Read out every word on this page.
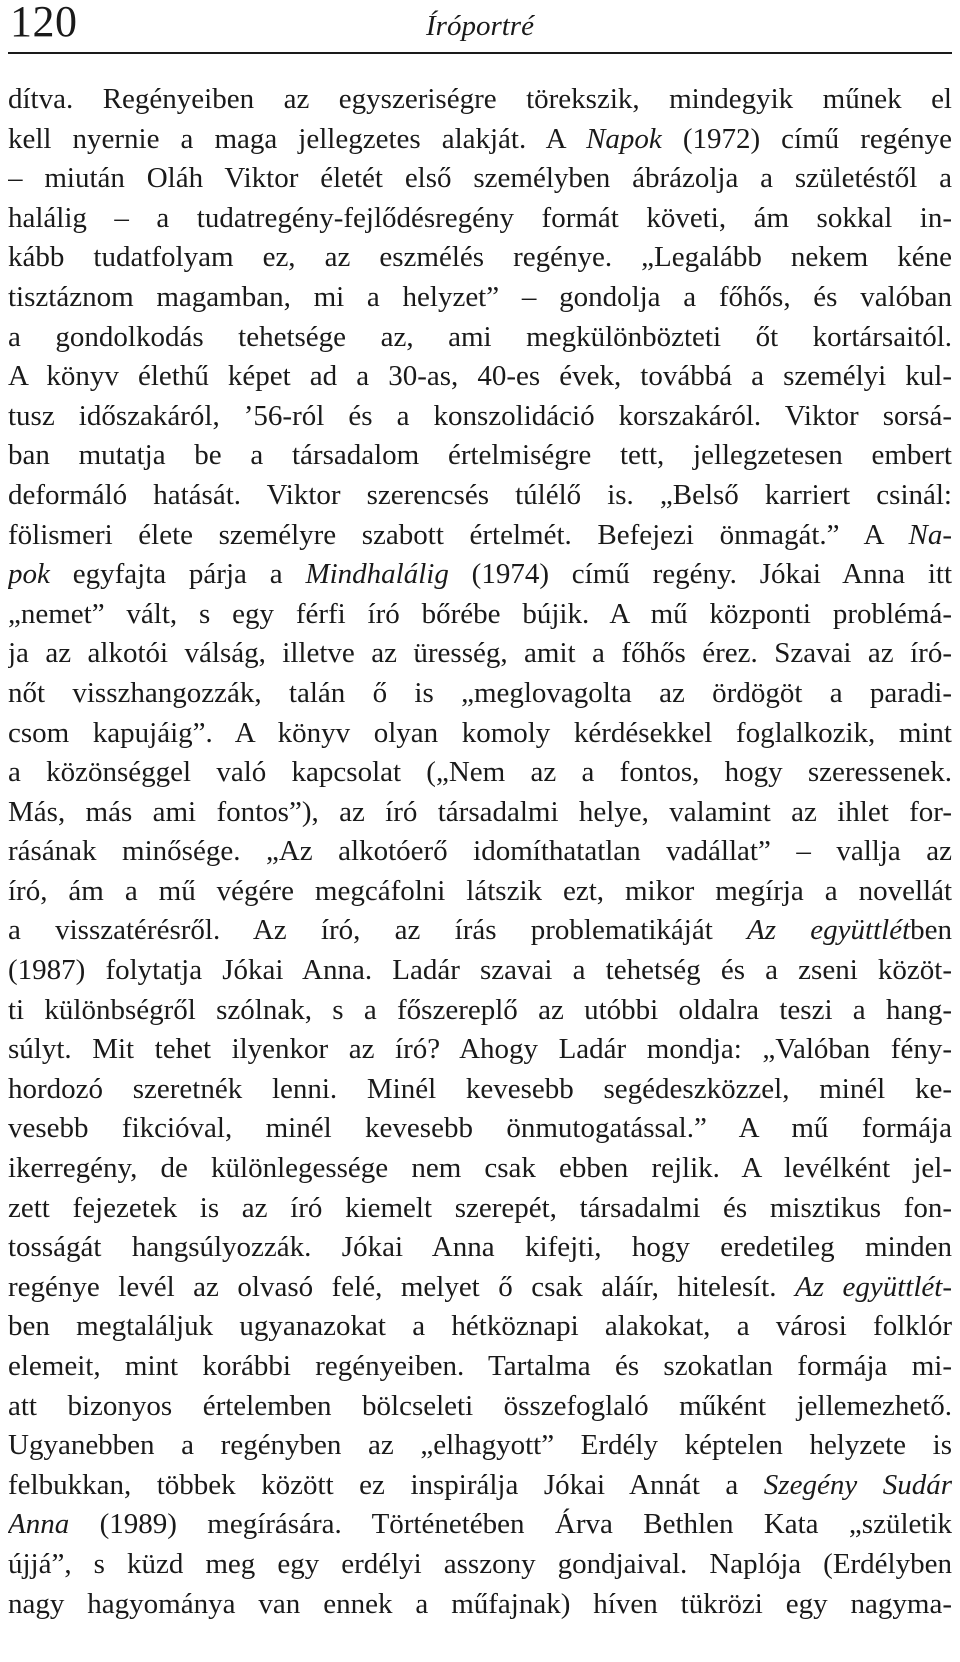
120	Íróportré
dítva. Regényeiben az egyszeriségre törekszik, mindegyik műnek el
kell nyernie a maga jellegzetes alakját. A Napok (1972) című regénye
– miután Oláh Viktor életét első személyben ábrázolja a születéstől a
halálig – a tudatregény-fejlődésregény formát követi, ám sokkal in-
kább tudatfolyam ez, az eszmélés regénye. „Legalább nekem kéne
tisztáznom magamban, mi a helyzet” – gondolja a főhős, és valóban
a gondolkodás tehetsége az, ami megkülönbözteti őt kortársaitól.
A könyv élethű képet ad a 30-as, 40-es évek, továbbá a személyi kul-
tusz időszakáról, ’56-ról és a konszolidáció korszakáról. Viktor sorsá-
ban mutatja be a társadalom értelmiségre tett, jellegzetesen embert
deformáló hatását. Viktor szerencsés túlélő is. „Belső karriert csinál:
fölismeri élete személyre szabott értelmét. Befejezi önmagát.” A Na-
pok egyfajta párja a Mindhalálig (1974) című regény. Jókai Anna itt
„nemet” vált, s egy férfi író bőrébe bújik. A mű központi problémá-
ja az alkotói válság, illetve az üresség, amit a főhős érez. Szavai az író-
nőt visszhangozzák, talán ő is „meglovagolta az ördögöt a paradi-
csom kapujáig”. A könyv olyan komoly kérdésekkel foglalkozik, mint
a közönséggel való kapcsolat („Nem az a fontos, hogy szeressenek.
Más, más ami fontos”), az író társadalmi helye, valamint az ihlet for-
rásának minősége. „Az alkotóerő idomíthatatlan vadállat” – vallja az
író, ám a mű végére megcáfolni látszik ezt, mikor megírja a novellát
a visszatérésről. Az író, az írás problematikáját Az együttlétben
(1987) folytatja Jókai Anna. Ladár szavai a tehetség és a zseni közöt-
ti különbségről szólnak, s a főszereplő az utóbbi oldalra teszi a hang-
súlyt. Mit tehet ilyenkor az író? Ahogy Ladár mondja: „Valóban fény-
hordozó szeretnék lenni. Minél kevesebb segédeszközzel, minél ke-
vesebb fikcióval, minél kevesebb önmutogatással.” A mű formája
ikerregény, de különlegessége nem csak ebben rejlik. A levélként jel-
zett fejezetek is az író kiemelt szerepét, társadalmi és misztikus fon-
tosságát hangsúlyozzák. Jókai Anna kifejti, hogy eredetileg minden
regénye levél az olvasó felé, melyet ő csak aláír, hitelesít. Az együttlét-
ben megtaláljuk ugyanazokat a hétköznapi alakokat, a városi folklór
elemeit, mint korábbi regényeiben. Tartalma és szokatlan formája mi-
att bizonyos értelemben bölcseleti összefoglaló műként jellemezhető.
Ugyanebben a regényben az „elhagyott” Erdély képtelen helyzete is
felbukkan, többek között ez inspirálja Jókai Annát a Szegény Sudár
Anna (1989) megírására. Történetében Árva Bethlen Kata „születik
újjá”, s küzd meg egy erdélyi asszony gondjaival. Naplója (Erdélyben
nagy hagyománya van ennek a műfajnak) híven tükrözi egy nagyma-
